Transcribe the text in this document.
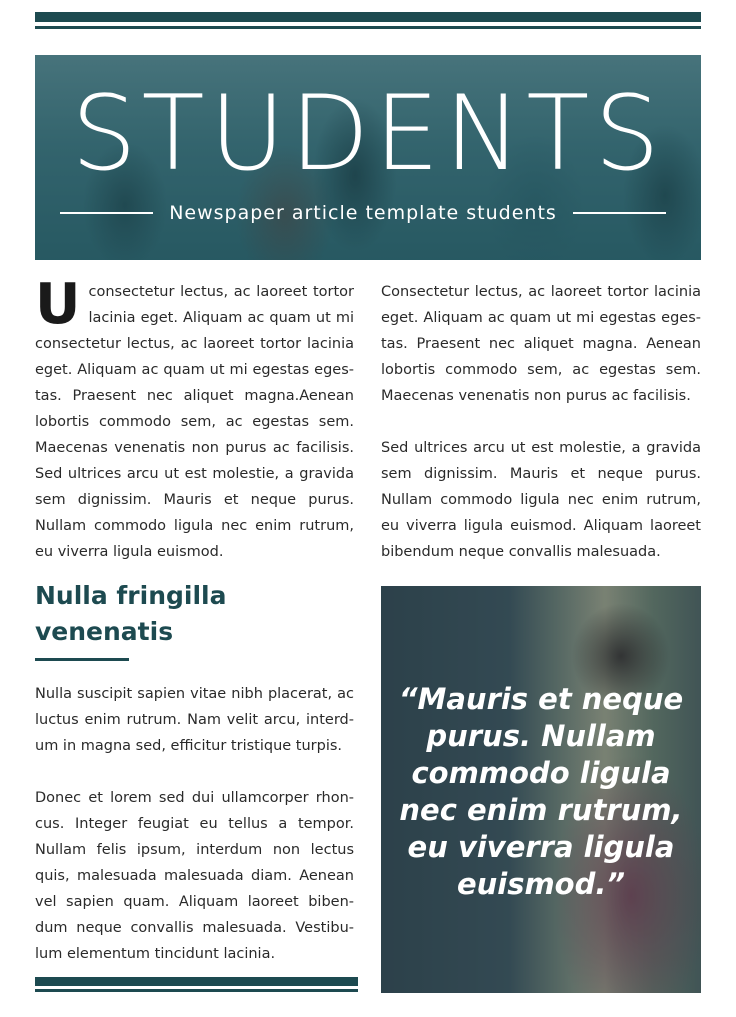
STUDENTS
Newspaper article template students

Uconsectetur lectus, ac laoreet tortor lacinia eget. Aliquam ac quam ut mi consectetur lectus, ac laoreet tortor lacinia eget. Aliquam ac quam ut mi egestas eges-tas. Praesent nec aliquet magna.Aenean lobortis commodo sem, ac egestas sem. Maecenas venenatis non purus ac facilisis. Sed ultrices arcu ut est molestie, a gravida sem dignissim. Mauris et neque purus. Nullam commodo ligula nec enim rutrum, eu viverra ligula euismod.

Consectetur lectus, ac laoreet tortor lacinia eget. Aliquam ac quam ut mi egestas eges-tas. Praesent nec aliquet magna. Aenean lobortis commodo sem, ac egestas sem. Maecenas venenatis non purus ac facilisis.

Sed ultrices arcu ut est molestie, a gravida sem dignissim. Mauris et neque purus. Nullam commodo ligula nec enim rutrum, eu viverra ligula euismod. Aliquam laoreet bibendum neque convallis malesuada.

Nulla fringilla venenatis

Nulla suscipit sapien vitae nibh placerat, ac luctus enim rutrum. Nam velit arcu, interd-um in magna sed, efficitur tristique turpis.

Donec et lorem sed dui ullamcorper rhon-cus. Integer feugiat eu tellus a tempor. Nullam felis ipsum, interdum non lectus quis, malesuada malesuada diam. Aenean vel sapien quam. Aliquam laoreet biben-dum neque convallis malesuada. Vestibu-lum elementum tincidunt lacinia.

“Mauris et neque purus. Nullam commodo ligula nec enim rutrum, eu viverra ligula euismod.”
